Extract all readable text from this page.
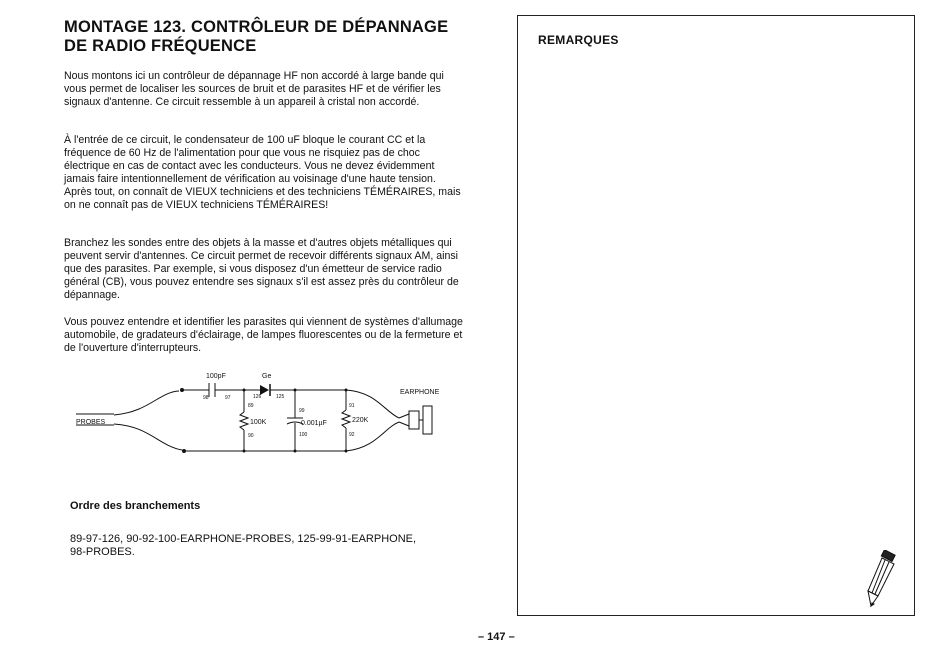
MONTAGE 123. CONTRÔLEUR DE DÉPANNAGE
DE RADIO FRÉQUENCE

Nous montons ici un contrôleur de dépannage HF non accordé à large bande qui vous permet de localiser les sources de bruit et de parasites HF et de vérifier les signaux d'antenne. Ce circuit ressemble à un appareil à cristal non accordé.

À l'entrée de ce circuit, le condensateur de 100 uF bloque le courant CC et la fréquence de 60 Hz de l'alimentation pour que vous ne risquiez pas de choc électrique en cas de contact avec les conducteurs. Vous ne devez évidemment jamais faire intentionnellement de vérification au voisinage d'une haute tension. Après tout, on connaît de VIEUX techniciens et des techniciens TÉMÉRAIRES, mais on ne connaît pas de VIEUX techniciens TÉMÉRAIRES!

Branchez les sondes entre des objets à la masse et d'autres objets métalliques qui peuvent servir d'antennes. Ce circuit permet de recevoir différents signaux AM, ainsi que des parasites. Par exemple, si vous disposez d'un émetteur de service radio général (CB), vous pouvez entendre ses signaux s'il est assez près du contrôleur de dépannage.

Vous pouvez entendre et identifier les parasites qui viennent de systèmes d'allumage automobile, de gradateurs d'éclairage, de lampes fluorescentes ou de la fermeture et de l'ouverture d'interrupteurs.

100pF	Ge
EARPHONE
PROBES	100K	0.001µF	220K
98	97	126	125
89
90
99
100
91
92
Ordre des branchements
89-97-126, 90-92-100-EARPHONE-PROBES, 125-99-91-EARPHONE,
98-PROBES.
REMARQUES
– 147 –
